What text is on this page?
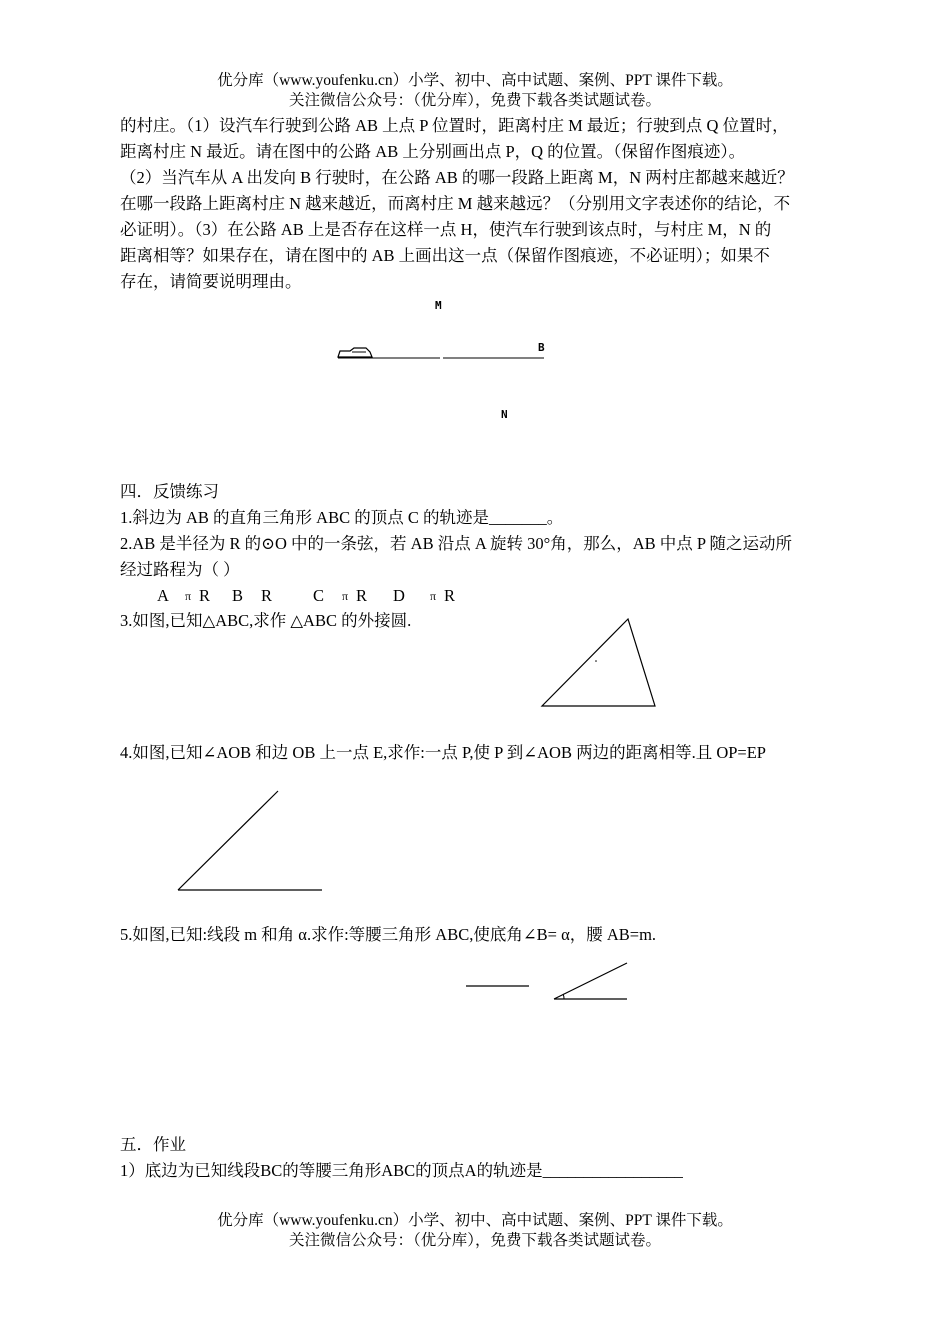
优分库（www.youfenku.cn）小学、初中、高中试题、案例、PPT 课件下载。
关注微信公众号：（优分库），免费下载各类试题试卷。
的村庄。（1）设汽车行驶到公路 AB 上点 P 位置时，距离村庄 M 最近；行驶到点 Q 位置时，
距离村庄 N 最近。请在图中的公路 AB 上分别画出点 P，Q 的位置。（保留作图痕迹）。
（2）当汽车从 A 出发向 B 行驶时，在公路 AB 的哪一段路上距离 M，N 两村庄都越来越近？
在哪一段路上距离村庄 N 越来越近，而离村庄 M 越来越远？（分别用文字表述你的结论，不
必证明）。（3）在公路 AB 上是否存在这样一点 H，使汽车行驶到该点时，与村庄 M，N 的
距离相等？如果存在，请在图中的 AB 上画出这一点（保留作图痕迹，不必证明）；如果不
存在，请简要说明理由。
M
B
N
四．反馈练习
1.斜边为 AB 的直角三角形 ABC 的顶点 C 的轨迹是_______。
2.AB 是半径为 R 的⊙O 中的一条弦，若 AB 沿点 A 旋转 30°角，那么，AB 中点 P 随之运动所
经过路程为（ ）
A π R B R C π R D π R
3.如图,已知△ABC,求作 △ABC 的外接圆.
4.如图,已知∠AOB 和边 OB 上一点 E,求作:一点 P,使 P 到∠AOB 两边的距离相等.且 OP=EP
5.如图,已知:线段 m 和角 α.求作:等腰三角形 ABC,使底角∠B= α，腰 AB=m.
五．作业
1）底边为已知线段BC的等腰三角形ABC的顶点A的轨迹是_________________
优分库（www.youfenku.cn）小学、初中、高中试题、案例、PPT 课件下载。
关注微信公众号：（优分库），免费下载各类试题试卷。
